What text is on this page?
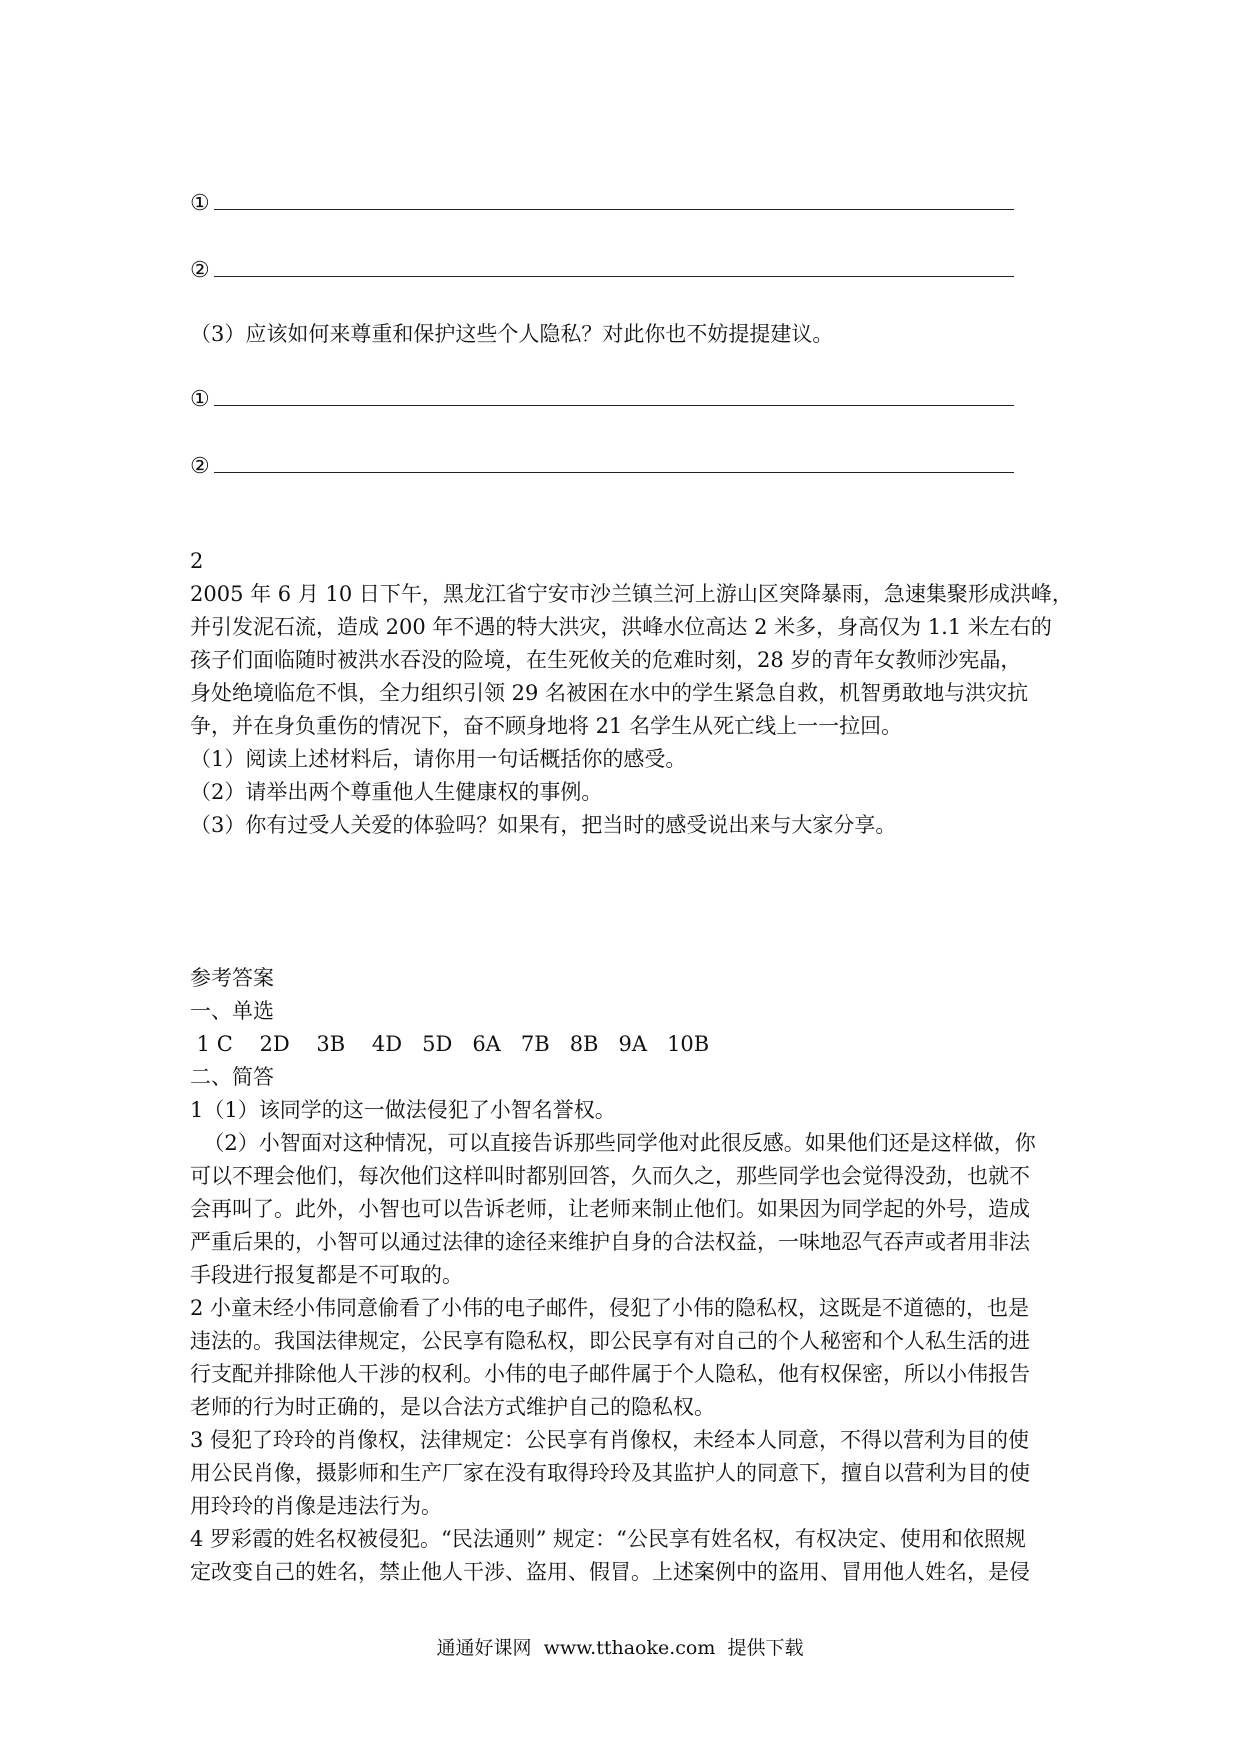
①
②
（3）应该如何来尊重和保护这些个人隐私？对此你也不妨提提建议。
①
②
2
2005 年 6 月 10 日下午，黑龙江省宁安市沙兰镇兰河上游山区突降暴雨，急速集聚形成洪峰，
并引发泥石流，造成 200 年不遇的特大洪灾，洪峰水位高达 2 米多，身高仅为 1.1 米左右的
孩子们面临随时被洪水吞没的险境，在生死攸关的危难时刻，28 岁的青年女教师沙宪晶，
身处绝境临危不惧，全力组织引领 29 名被困在水中的学生紧急自救，机智勇敢地与洪灾抗
争，并在身负重伤的情况下，奋不顾身地将 21 名学生从死亡线上一一拉回。
（1）阅读上述材料后，请你用一句话概括你的感受。
（2）请举出两个尊重他人生健康权的事例。
（3）你有过受人关爱的体验吗？如果有，把当时的感受说出来与大家分享。
参考答案
一、单选
1 C    2D    3B    4D   5D   6A   7B   8B   9A   10B
二、简答
1（1）该同学的这一做法侵犯了小智名誉权。
（2）小智面对这种情况，可以直接告诉那些同学他对此很反感。如果他们还是这样做，你
可以不理会他们，每次他们这样叫时都别回答，久而久之，那些同学也会觉得没劲，也就不
会再叫了。此外，小智也可以告诉老师，让老师来制止他们。如果因为同学起的外号，造成
严重后果的，小智可以通过法律的途径来维护自身的合法权益，一味地忍气吞声或者用非法
手段进行报复都是不可取的。
2 小童未经小伟同意偷看了小伟的电子邮件，侵犯了小伟的隐私权，这既是不道德的，也是
违法的。我国法律规定，公民享有隐私权，即公民享有对自己的个人秘密和个人私生活的进
行支配并排除他人干涉的权利。小伟的电子邮件属于个人隐私，他有权保密，所以小伟报告
老师的行为时正确的，是以合法方式维护自己的隐私权。
3 侵犯了玲玲的肖像权，法律规定：公民享有肖像权，未经本人同意，不得以营利为目的使
用公民肖像，摄影师和生产厂家在没有取得玲玲及其监护人的同意下，擅自以营利为目的使
用玲玲的肖像是违法行为。
4 罗彩霞的姓名权被侵犯。“民法通则” 规定：“公民享有姓名权，有权决定、使用和依照规
定改变自己的姓名，禁止他人干涉、盗用、假冒。上述案例中的盗用、冒用他人姓名，是侵
通通好课网  www.tthaoke.com  提供下载
